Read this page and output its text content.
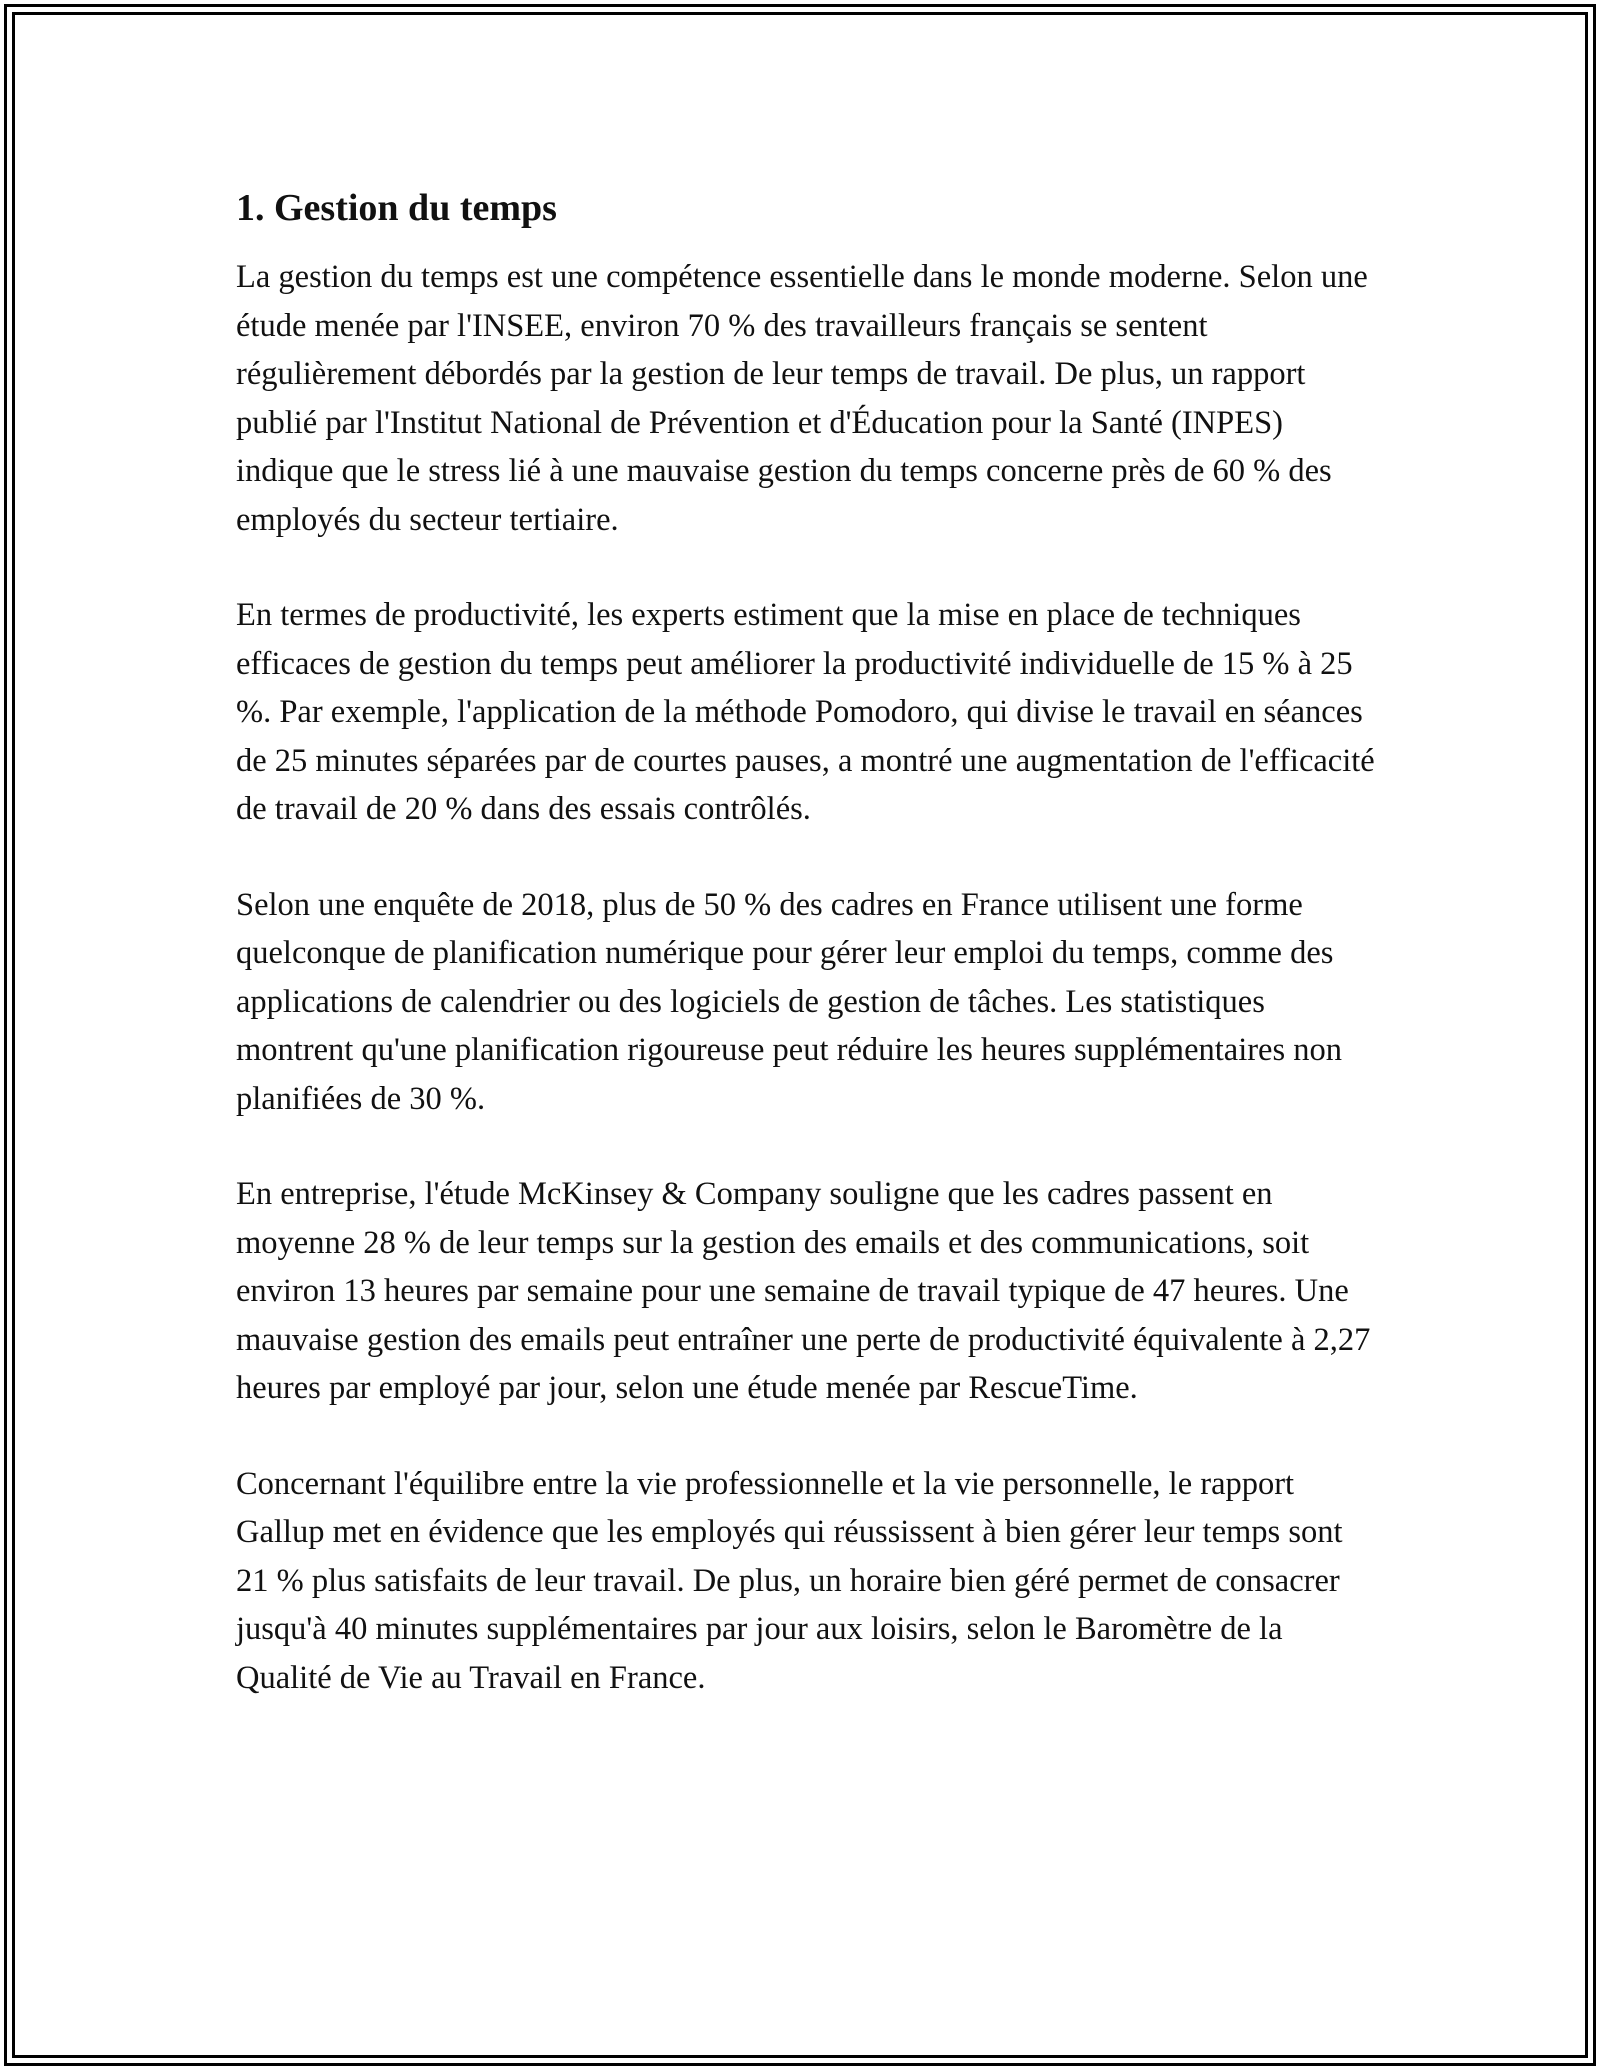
1. Gestion du temps

La gestion du temps est une compétence essentielle dans le monde moderne. Selon une étude menée par l'INSEE, environ 70 % des travailleurs français se sentent régulièrement débordés par la gestion de leur temps de travail. De plus, un rapport publié par l'Institut National de Prévention et d'Éducation pour la Santé (INPES) indique que le stress lié à une mauvaise gestion du temps concerne près de 60 % des employés du secteur tertiaire.

En termes de productivité, les experts estiment que la mise en place de techniques efficaces de gestion du temps peut améliorer la productivité individuelle de 15 % à 25 %. Par exemple, l'application de la méthode Pomodoro, qui divise le travail en séances de 25 minutes séparées par de courtes pauses, a montré une augmentation de l'efficacité de travail de 20 % dans des essais contrôlés.

Selon une enquête de 2018, plus de 50 % des cadres en France utilisent une forme quelconque de planification numérique pour gérer leur emploi du temps, comme des applications de calendrier ou des logiciels de gestion de tâches. Les statistiques montrent qu'une planification rigoureuse peut réduire les heures supplémentaires non planifiées de 30 %.

En entreprise, l'étude McKinsey & Company souligne que les cadres passent en moyenne 28 % de leur temps sur la gestion des emails et des communications, soit environ 13 heures par semaine pour une semaine de travail typique de 47 heures. Une mauvaise gestion des emails peut entraîner une perte de productivité équivalente à 2,27 heures par employé par jour, selon une étude menée par RescueTime.

Concernant l'équilibre entre la vie professionnelle et la vie personnelle, le rapport Gallup met en évidence que les employés qui réussissent à bien gérer leur temps sont 21 % plus satisfaits de leur travail. De plus, un horaire bien géré permet de consacrer jusqu'à 40 minutes supplémentaires par jour aux loisirs, selon le Baromètre de la Qualité de Vie au Travail en France.
